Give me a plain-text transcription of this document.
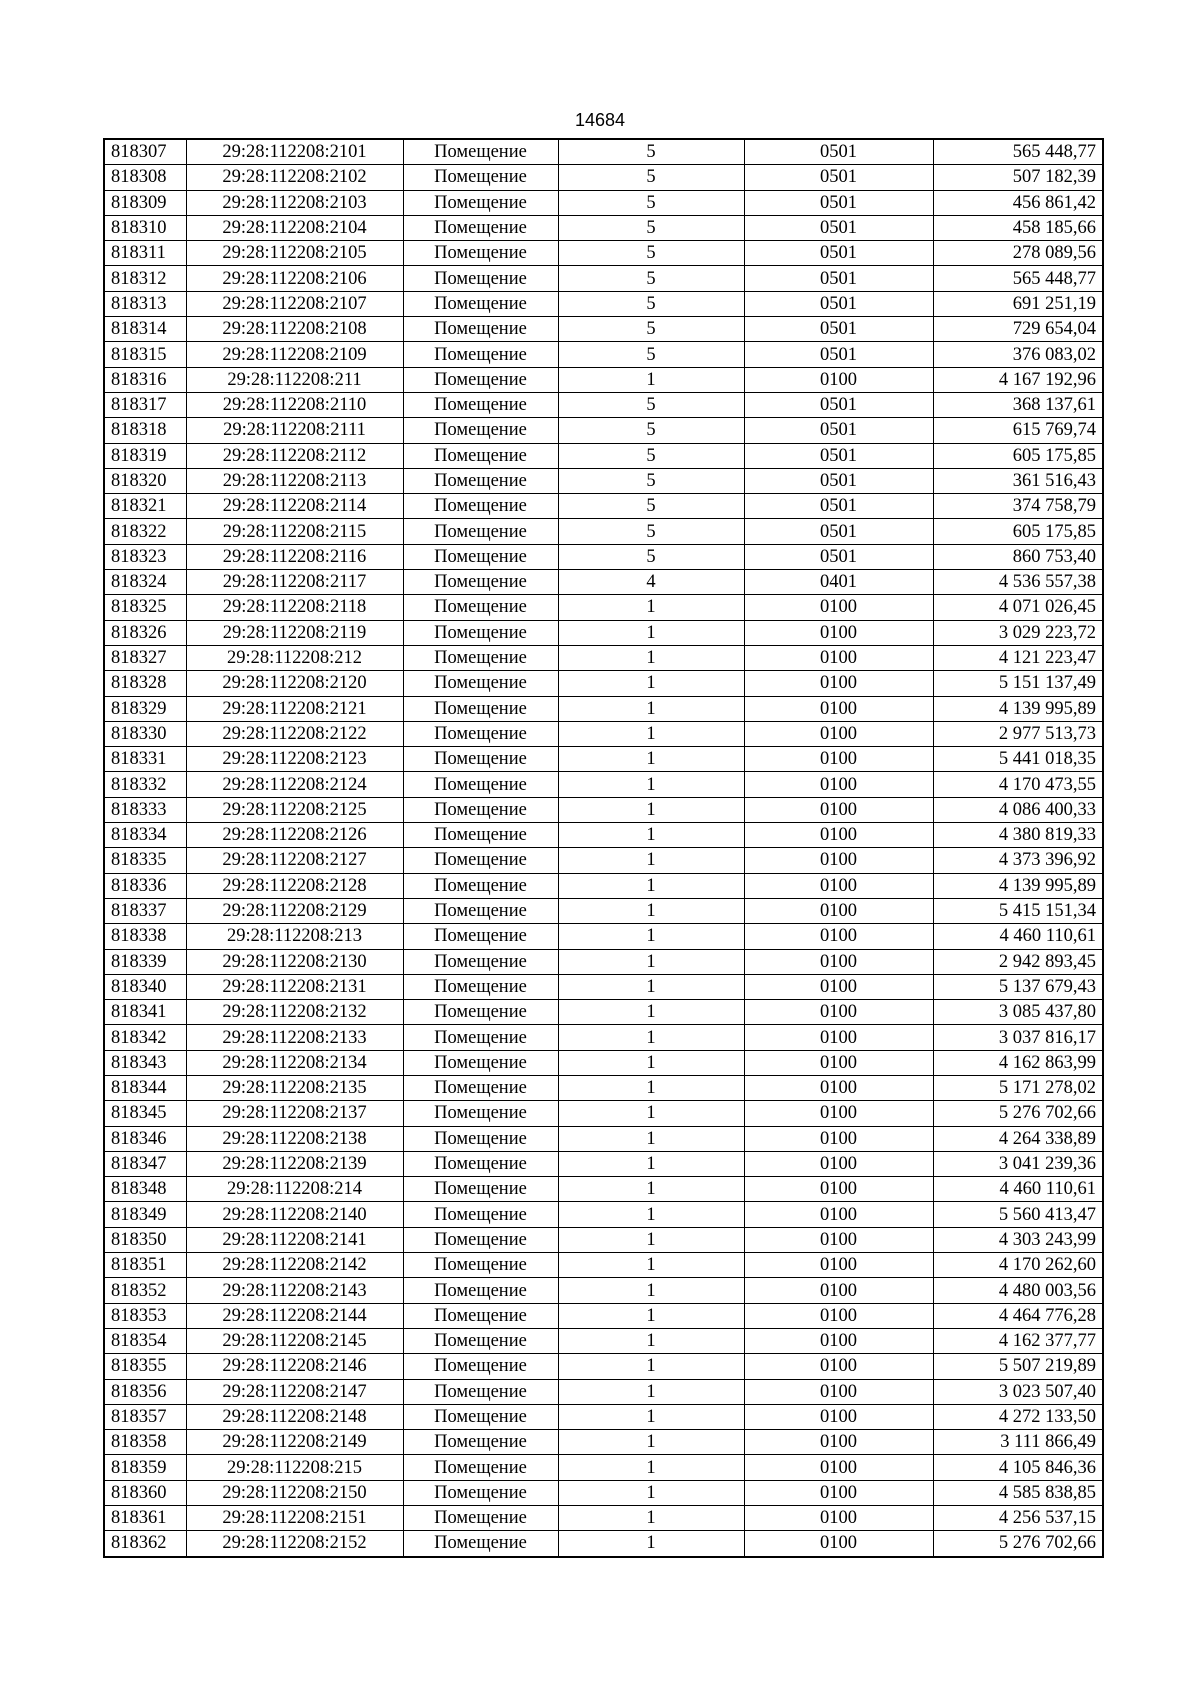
14684
818307	29:28:112208:2101	Помещение	5	0501	565 448,77
818308	29:28:112208:2102	Помещение	5	0501	507 182,39
818309	29:28:112208:2103	Помещение	5	0501	456 861,42
818310	29:28:112208:2104	Помещение	5	0501	458 185,66
818311	29:28:112208:2105	Помещение	5	0501	278 089,56
818312	29:28:112208:2106	Помещение	5	0501	565 448,77
818313	29:28:112208:2107	Помещение	5	0501	691 251,19
818314	29:28:112208:2108	Помещение	5	0501	729 654,04
818315	29:28:112208:2109	Помещение	5	0501	376 083,02
818316	29:28:112208:211	Помещение	1	0100	4 167 192,96
818317	29:28:112208:2110	Помещение	5	0501	368 137,61
818318	29:28:112208:2111	Помещение	5	0501	615 769,74
818319	29:28:112208:2112	Помещение	5	0501	605 175,85
818320	29:28:112208:2113	Помещение	5	0501	361 516,43
818321	29:28:112208:2114	Помещение	5	0501	374 758,79
818322	29:28:112208:2115	Помещение	5	0501	605 175,85
818323	29:28:112208:2116	Помещение	5	0501	860 753,40
818324	29:28:112208:2117	Помещение	4	0401	4 536 557,38
818325	29:28:112208:2118	Помещение	1	0100	4 071 026,45
818326	29:28:112208:2119	Помещение	1	0100	3 029 223,72
818327	29:28:112208:212	Помещение	1	0100	4 121 223,47
818328	29:28:112208:2120	Помещение	1	0100	5 151 137,49
818329	29:28:112208:2121	Помещение	1	0100	4 139 995,89
818330	29:28:112208:2122	Помещение	1	0100	2 977 513,73
818331	29:28:112208:2123	Помещение	1	0100	5 441 018,35
818332	29:28:112208:2124	Помещение	1	0100	4 170 473,55
818333	29:28:112208:2125	Помещение	1	0100	4 086 400,33
818334	29:28:112208:2126	Помещение	1	0100	4 380 819,33
818335	29:28:112208:2127	Помещение	1	0100	4 373 396,92
818336	29:28:112208:2128	Помещение	1	0100	4 139 995,89
818337	29:28:112208:2129	Помещение	1	0100	5 415 151,34
818338	29:28:112208:213	Помещение	1	0100	4 460 110,61
818339	29:28:112208:2130	Помещение	1	0100	2 942 893,45
818340	29:28:112208:2131	Помещение	1	0100	5 137 679,43
818341	29:28:112208:2132	Помещение	1	0100	3 085 437,80
818342	29:28:112208:2133	Помещение	1	0100	3 037 816,17
818343	29:28:112208:2134	Помещение	1	0100	4 162 863,99
818344	29:28:112208:2135	Помещение	1	0100	5 171 278,02
818345	29:28:112208:2137	Помещение	1	0100	5 276 702,66
818346	29:28:112208:2138	Помещение	1	0100	4 264 338,89
818347	29:28:112208:2139	Помещение	1	0100	3 041 239,36
818348	29:28:112208:214	Помещение	1	0100	4 460 110,61
818349	29:28:112208:2140	Помещение	1	0100	5 560 413,47
818350	29:28:112208:2141	Помещение	1	0100	4 303 243,99
818351	29:28:112208:2142	Помещение	1	0100	4 170 262,60
818352	29:28:112208:2143	Помещение	1	0100	4 480 003,56
818353	29:28:112208:2144	Помещение	1	0100	4 464 776,28
818354	29:28:112208:2145	Помещение	1	0100	4 162 377,77
818355	29:28:112208:2146	Помещение	1	0100	5 507 219,89
818356	29:28:112208:2147	Помещение	1	0100	3 023 507,40
818357	29:28:112208:2148	Помещение	1	0100	4 272 133,50
818358	29:28:112208:2149	Помещение	1	0100	3 111 866,49
818359	29:28:112208:215	Помещение	1	0100	4 105 846,36
818360	29:28:112208:2150	Помещение	1	0100	4 585 838,85
818361	29:28:112208:2151	Помещение	1	0100	4 256 537,15
818362	29:28:112208:2152	Помещение	1	0100	5 276 702,66
